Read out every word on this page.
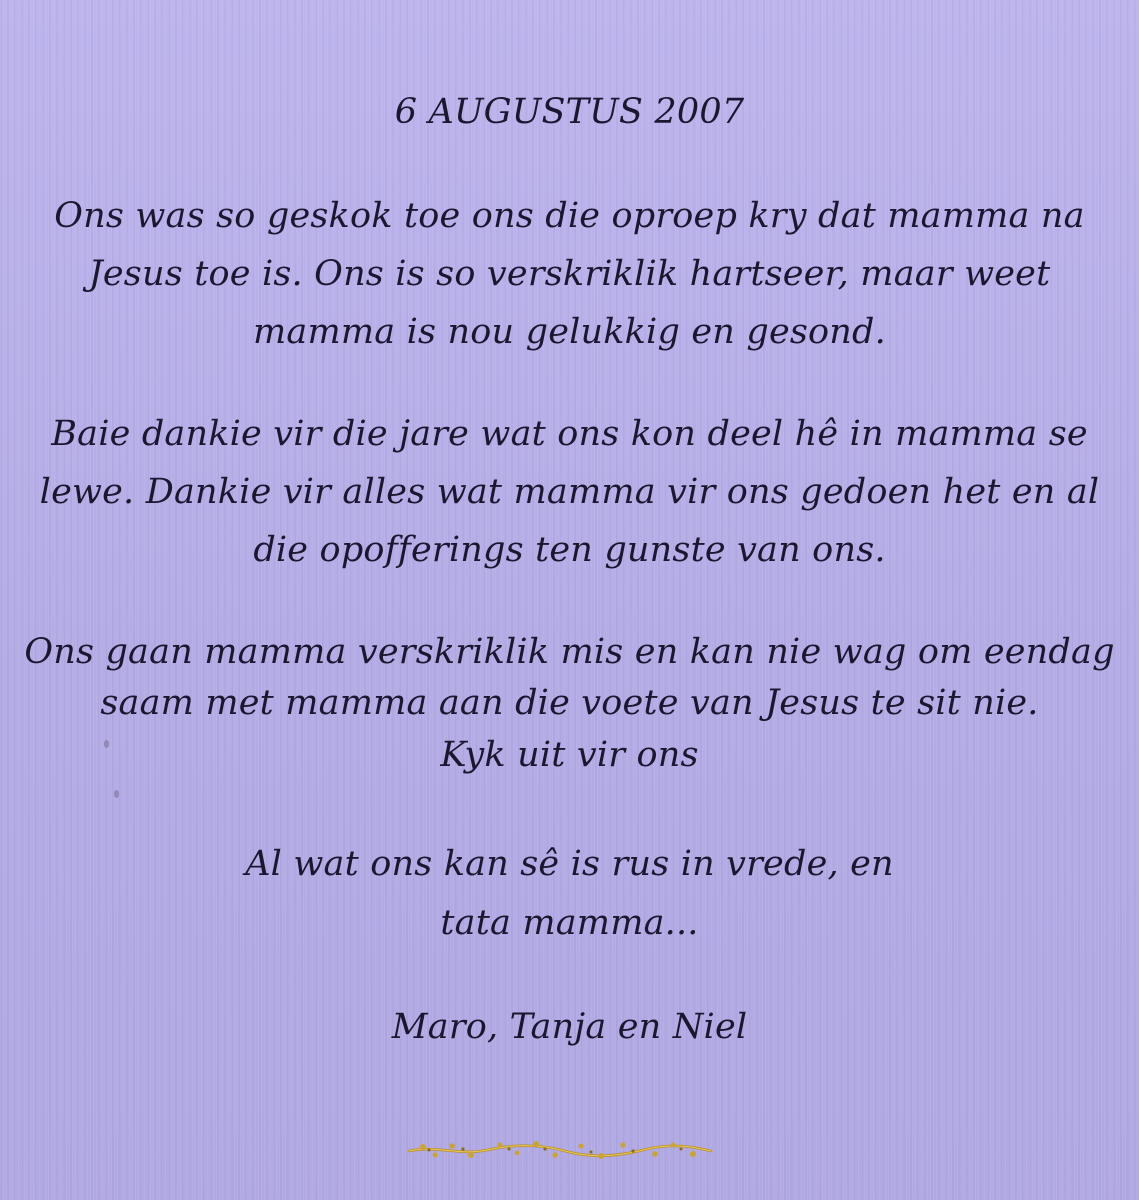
6 AUGUSTUS 2007
Ons was so geskok toe ons die oproep kry dat mamma na
Jesus toe is. Ons is so verskriklik hartseer, maar weet
mamma is nou gelukkig en gesond.
Baie dankie vir die jare wat ons kon deel hê in mamma se
lewe. Dankie vir alles wat mamma vir ons gedoen het en al
die opofferings ten gunste van ons.
Ons gaan mamma verskriklik mis en kan nie wag om eendag
saam met mamma aan die voete van Jesus te sit nie.
Kyk uit vir ons
Al wat ons kan sê is rus in vrede, en
tata mamma...
Maro, Tanja en Niel
